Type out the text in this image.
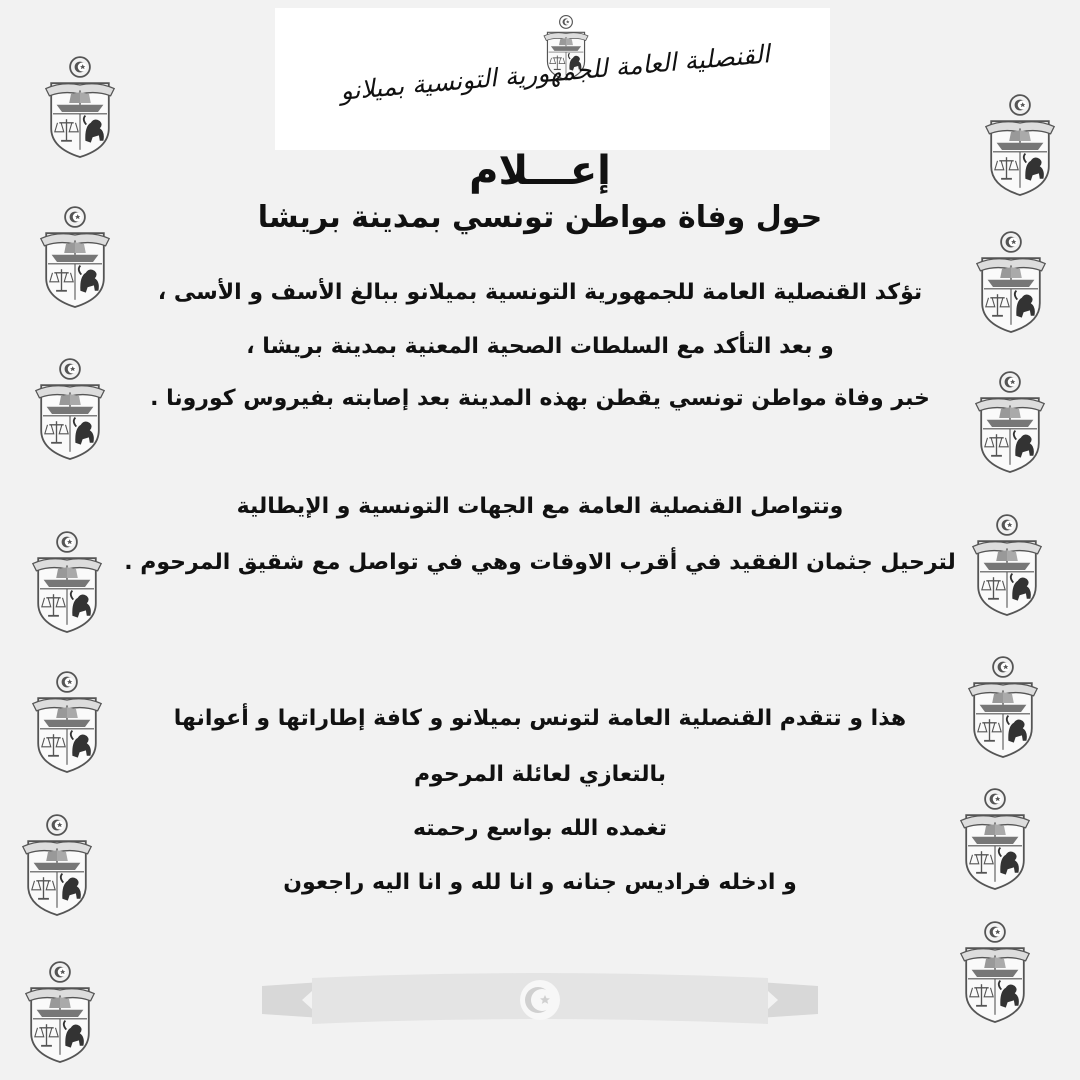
القنصلية العامة للجمهورية التونسية بميلانو
إعـــلام
حول وفاة مواطن تونسي بمدينة بريشا
تؤكد القنصلية العامة للجمهورية التونسية بميلانو ببالغ الأسف و الأسى ،
و بعد التأكد مع السلطات الصحية المعنية بمدينة بريشا ،
خبر وفاة مواطن تونسي يقطن بهذه المدينة بعد إصابته بفيروس كورونا .
وتتواصل القنصلية العامة مع الجهات التونسية و الإيطالية
لترحيل جثمان الفقيد في أقرب الاوقات وهي في تواصل مع شقيق المرحوم .
هذا و تتقدم القنصلية العامة لتونس بميلانو و كافة إطاراتها و أعوانها
بالتعازي لعائلة المرحوم
تغمده الله بواسع رحمته
و ادخله فراديس جنانه و انا لله و انا اليه راجعون
